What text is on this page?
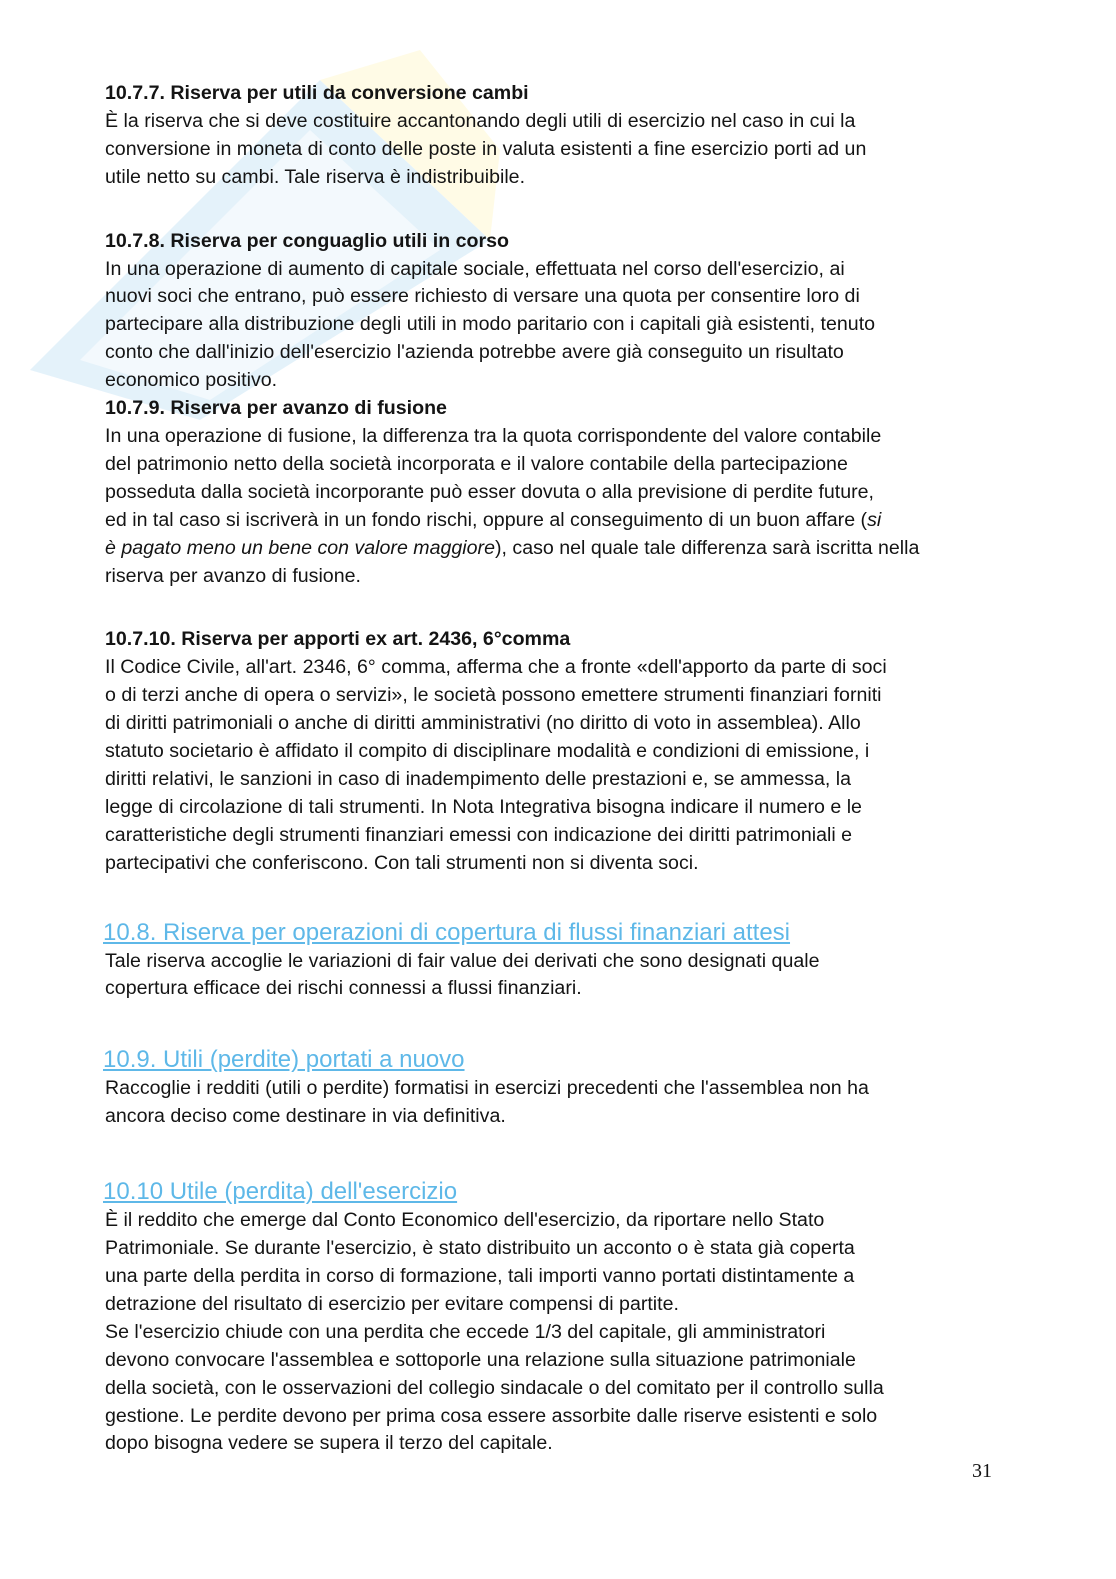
10.7.7. Riserva per utili da conversione cambi

È la riserva che si deve costituire accantonando degli utili di esercizio nel caso in cui la

conversione in moneta di conto delle poste in valuta esistenti a fine esercizio porti ad un

utile netto su cambi. Tale riserva è indistribuibile.

10.7.8. Riserva per conguaglio utili in corso

In una operazione di aumento di capitale sociale, effettuata nel corso dell'esercizio, ai

nuovi soci che entrano, può essere richiesto di versare una quota per consentire loro di

partecipare alla distribuzione degli utili in modo paritario con i capitali già esistenti, tenuto

conto che dall'inizio dell'esercizio l'azienda potrebbe avere già conseguito un risultato

economico positivo.

10.7.9. Riserva per avanzo di fusione

In una operazione di fusione, la differenza tra la quota corrispondente del valore contabile

del patrimonio netto della società incorporata e il valore contabile della partecipazione

posseduta dalla società incorporante può esser dovuta o alla previsione di perdite future,

ed in tal caso si iscriverà in un fondo rischi, oppure al conseguimento di un buon affare (si

è pagato meno un bene con valore maggiore), caso nel quale tale differenza sarà iscritta nella

riserva per avanzo di fusione.

10.7.10. Riserva per apporti ex art. 2436, 6°comma

Il Codice Civile, all'art. 2346, 6° comma, afferma che a fronte «dell'apporto da parte di soci

o di terzi anche di opera o servizi», le società possono emettere strumenti finanziari forniti

di diritti patrimoniali o anche di diritti amministrativi (no diritto di voto in assemblea). Allo

statuto societario è affidato il compito di disciplinare modalità e condizioni di emissione, i

diritti relativi, le sanzioni in caso di inadempimento delle prestazioni e, se ammessa, la

legge di circolazione di tali strumenti. In Nota Integrativa bisogna indicare il numero e le

caratteristiche degli strumenti finanziari emessi con indicazione dei diritti patrimoniali e

partecipativi che conferiscono. Con tali strumenti non si diventa soci.

10.8. Riserva per operazioni di copertura di flussi finanziari attesi

Tale riserva accoglie le variazioni di fair value dei derivati che sono designati quale

copertura efficace dei rischi connessi a flussi finanziari.

10.9. Utili (perdite) portati a nuovo

Raccoglie i redditi (utili o perdite) formatisi in esercizi precedenti che l'assemblea non ha

ancora deciso come destinare in via definitiva.

10.10 Utile (perdita) dell'esercizio

È il reddito che emerge dal Conto Economico dell'esercizio, da riportare nello Stato

Patrimoniale. Se durante l'esercizio, è stato distribuito un acconto o è stata già coperta

una parte della perdita in corso di formazione, tali importi vanno portati distintamente a

detrazione del risultato di esercizio per evitare compensi di partite.

Se l'esercizio chiude con una perdita che eccede 1/3 del capitale, gli amministratori

devono convocare l'assemblea e sottoporle una relazione sulla situazione patrimoniale

della società, con le osservazioni del collegio sindacale o del comitato per il controllo sulla

gestione. Le perdite devono per prima cosa essere assorbite dalle riserve esistenti e solo

dopo bisogna vedere se supera il terzo del capitale.

31
